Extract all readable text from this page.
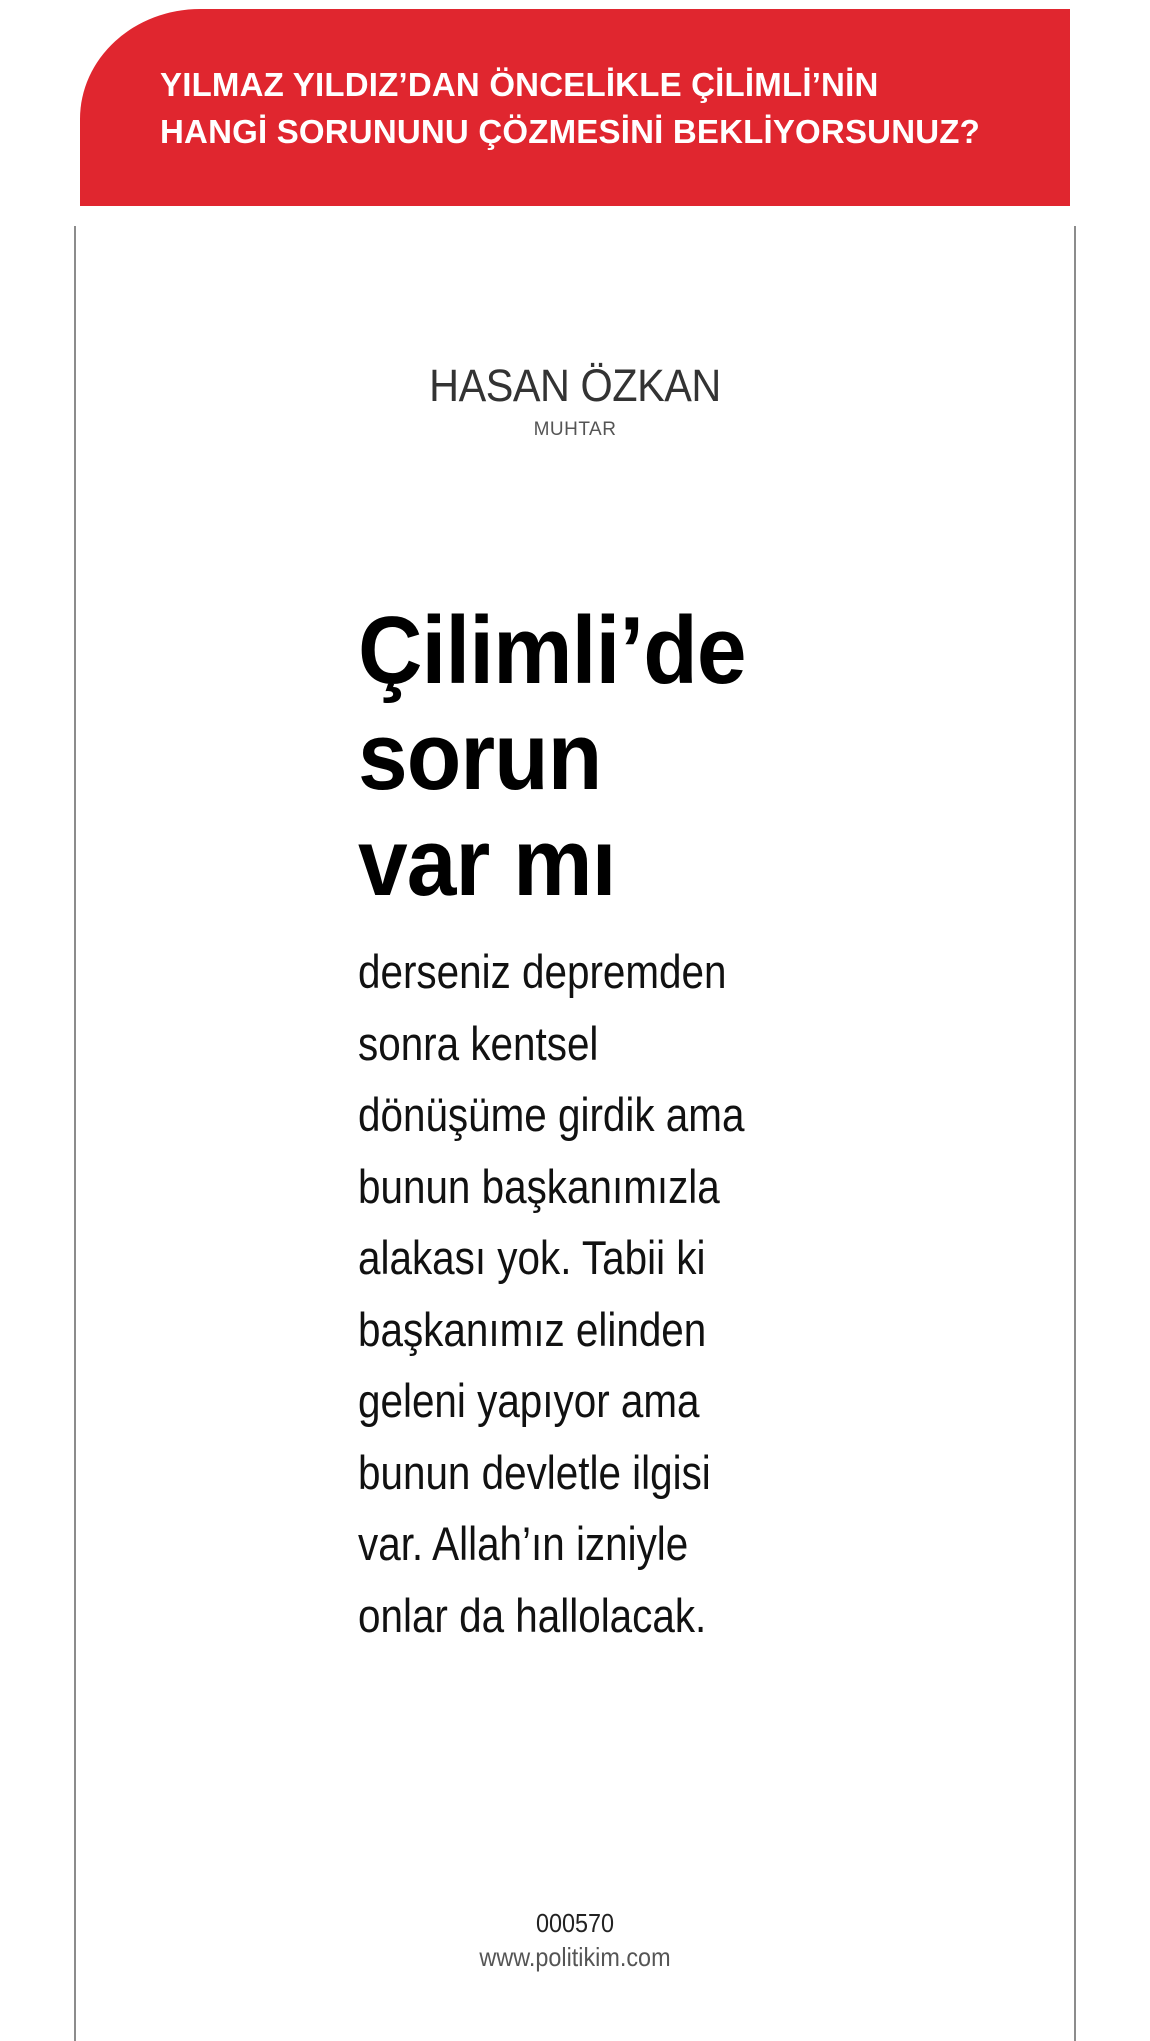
YILMAZ YILDIZ’DAN ÖNCELİKLE ÇİLİMLİ’NİN
HANGİ SORUNUNU ÇÖZMESİNİ BEKLİYORSUNUZ?
HASAN ÖZKAN
MUHTAR
Çilimli’de
sorun
var mı
derseniz depremden
sonra kentsel
dönüşüme girdik ama
bunun başkanımızla
alakası yok. Tabii ki
başkanımız elinden
geleni yapıyor ama
bunun devletle ilgisi
var. Allah’ın izniyle
onlar da hallolacak.
000570
www.politikim.com
